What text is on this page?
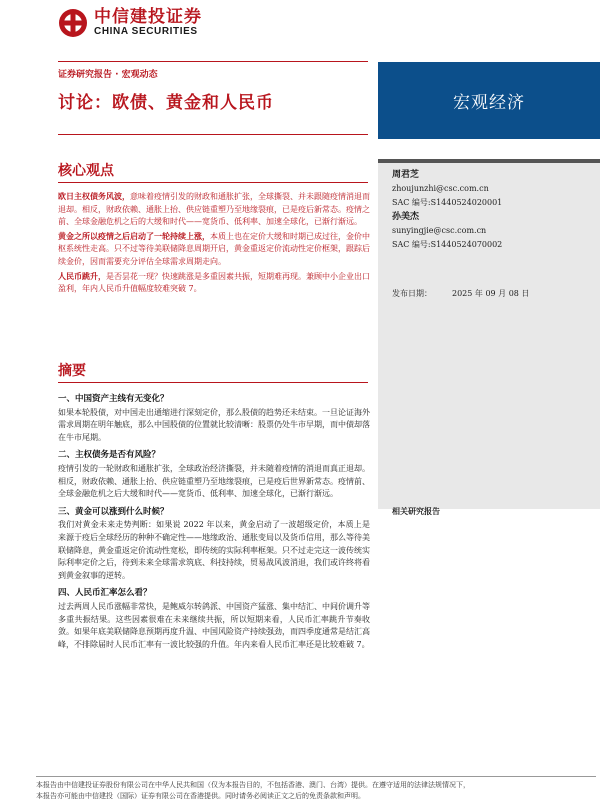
中信建投证券
CHINA SECURITIES
证券研究报告 · 宏观动态
讨论：欧债、黄金和人民币	宏观经济
周君芝
zhoujunzhi@csc.com.cn
SAC 编号:S1440524020001
孙美杰
sunyingjie@csc.com.cn
SAC 编号:S1440524070002
发布日期：	2025 年 09 月 08 日
相关研究报告
核心观点

欧日主权债务风波，意味着疫情引发的财政和通胀扩张，全球撕裂、并未跟随疫情消退而退却。相反，财政依赖、通胀上抬、供应链重塑乃至地缘裂痕，已是疫后新常态。疫情之前、全球金融危机之后的大缓和时代——宽货币、低利率、加速全球化，已渐行渐远。

黄金之所以疫情之后启动了一轮持续上涨，本质上也在定价大缓和时期已成过往，金价中枢系统性走高。只不过等待美联储降息周期开启，黄金重返定价流动性定价框架，跟踪后续金价，因而需要充分评估全球需求周期走向。

人民币跳升，是否昙花一现？快速跳涨是多重因素共振，短期难再现。兼顾中小企业出口盈利，年内人民币升值幅度较难突破 7。

摘要
一、中国资产主线有无变化？

如果本轮股债，对中国走出通缩进行深刻定价，那么股债的趋势还未结束。一旦论证海外需求周期在明年触底，那么中国股债的位置就比较清晰：股票仍处牛市早期，而中债却落在牛市尾期。

二、主权债务是否有风险？

疫情引发的一轮财政和通胀扩张，全球政治经济撕裂，并未随着疫情的消退而真正退却。相反，财政依赖、通胀上抬、供应链重塑乃至地缘裂痕，已是疫后世界新常态。疫情前、全球金融危机之后大缓和时代——宽货币、低利率、加速全球化，已渐行渐远。

三、黄金可以涨到什么时候？

我们对黄金未来走势判断：如果说 2022 年以来，黄金启动了一波超级定价，本质上是来源于疫后全球经历的种种不确定性——地缘政治、通胀变局以及货币信用，那么等待美联储降息，黄金重返定价流动性宽松，即传统的实际利率框架。只不过走完这一波传统实际利率定价之后，待到未来全球需求筑底、科技持续，贸易战风波消退，我们或许终将看到黄金叙事的逆转。

四、人民币汇率怎么看？

过去两周人民币涨幅非常快，是鲍威尔转鸽派、中国资产猛涨、集中结汇、中间价调升等多重共振结果。这些因素很难在未来继续共振，所以短期来看，人民币汇率跳升节奏收敛。如果年底美联储降息预期再度升温、中国风险资产持续强劲，而四季度通常是结汇高峰，不排除届时人民币汇率有一波比较强的升值。年内来看人民币汇率还是比较难破 7。

本报告由中信建投证券股份有限公司在中华人民共和国（仅为本报告目的，不包括香港、澳门、台湾）提供。在遵守适用的法律法规情况下，
本报告亦可能由中信建投（国际）证券有限公司在香港提供。同时请务必阅读正文之后的免责条款和声明。
